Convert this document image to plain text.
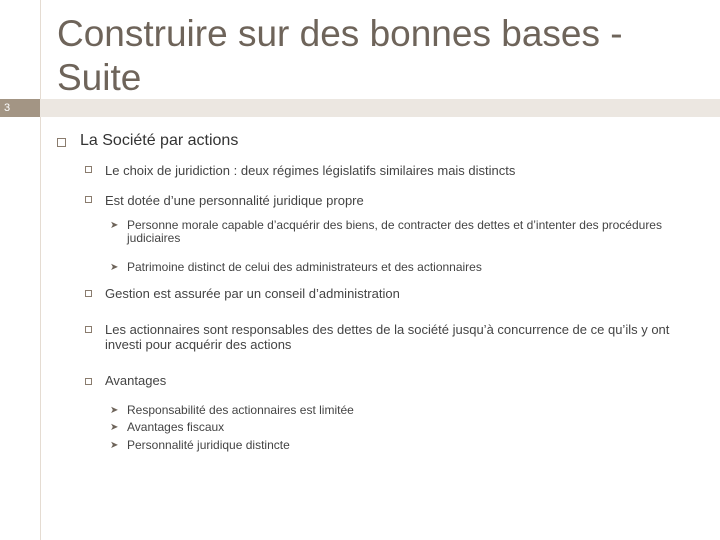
Construire sur des bonnes bases - Suite
3

La Société par actions

Le choix de juridiction : deux régimes législatifs similaires mais distincts

Est dotée d’une personnalité juridique propre

➤ Personne morale capable d’acquérir des biens, de contracter des dettes et d’intenter des procédures judiciaires

➤ Patrimoine distinct de celui des administrateurs et des actionnaires

Gestion est assurée par un conseil d’administration

Les actionnaires sont responsables des dettes de la société jusqu’à concurrence de ce qu’ils y ont investi pour acquérir des actions

Avantages

➤ Responsabilité des actionnaires est limitée

➤ Avantages fiscaux

➤ Personnalité juridique distincte
